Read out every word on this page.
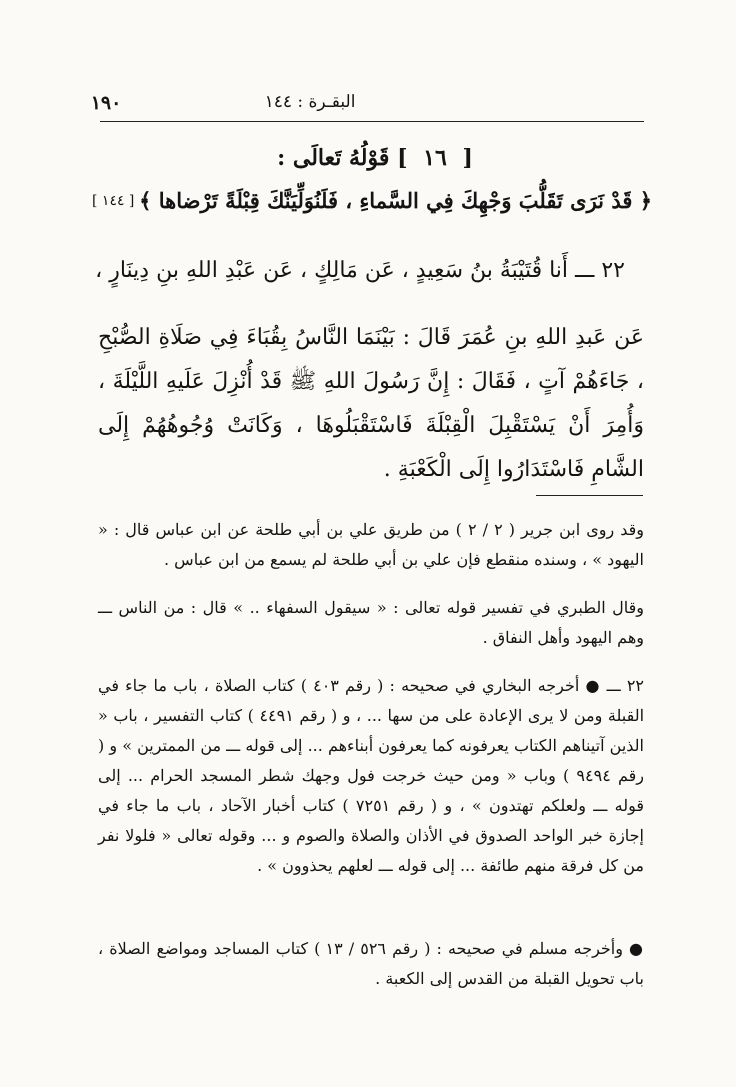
١٩٠	البقـرة : ١٤٤
[ ١٦ ] قَوْلُهُ تَعالَى :
﴿ قَدْ نَرَى تَقَلُّبَ وَجْهِكَ فِي السَّماءِ ، فَلَنُوَلِّيَنَّكَ قِبْلَةً تَرْضاها ﴾
[ ١٤٤ ]
٢٢ ـــ أَنا قُتَيْبَةُ بنُ سَعِيدٍ ، عَن مَالِكٍ ، عَن عَبْدِ اللهِ بنِ دِينَارٍ ،
عَن عَبدِ اللهِ بنِ عُمَرَ قَالَ : بَيْنَمَا النَّاسُ بِقُبَاءَ فِي صَلَاةِ الصُّبْحِ ، جَاءَهُمْ آتٍ ، فَقَالَ : إِنَّ رَسُولَ اللهِ ﷺ قَدْ أُنْزِلَ عَلَيهِ اللَّيْلَةَ ، وَأُمِرَ أَنْ يَسْتَقْبِلَ الْقِبْلَةَ فَاسْتَقْبَلُوهَا ، وَكَانَتْ وُجُوهُهُمْ إِلَى الشَّامِ فَاسْتَدَارُوا إِلَى الْكَعْبَةِ .
وقد روى ابن جرير ( ٢ / ٢ ) من طريق علي بن أبي طلحة عن ابن عباس قال : « اليهود » ، وسنده منقطع فإن علي بن أبي طلحة لم يسمع من ابن عباس .
وقال الطبري في تفسير قوله تعالى : « سيقول السفهاء .. » قال : من الناس ـــ وهم اليهود وأهل النفاق .
٢٢ ـــ ● أخرجه البخاري في صحيحه : ( رقم ٤٠٣ ) كتاب الصلاة ، باب ما جاء في القبلة ومن لا يرى الإعادة على من سها ... ، و ( رقم ٤٤٩١ ) كتاب التفسير ، باب « الذين آتيناهم الكتاب يعرفونه كما يعرفون أبناءهم ... إلى قوله ـــ من الممترين » و ( رقم ٩٤٩٤ ) وباب « ومن حيث خرجت فول وجهك شطر المسجد الحرام ... إلى قوله ـــ ولعلكم تهتدون » ، و ( رقم ٧٢٥١ ) كتاب أخبار الآحاد ، باب ما جاء في إجازة خبر الواحد الصدوق في الأذان والصلاة والصوم و ... وقوله تعالى « فلولا نفر من كل فرقة منهم طائفة ... إلى قوله ـــ لعلهم يحذوون » .
● وأخرجه مسلم في صحيحه : ( رقم ٥٢٦ / ١٣ ) كتاب المساجد ومواضع الصلاة ، باب تحويل القبلة من القدس إلى الكعبة .
